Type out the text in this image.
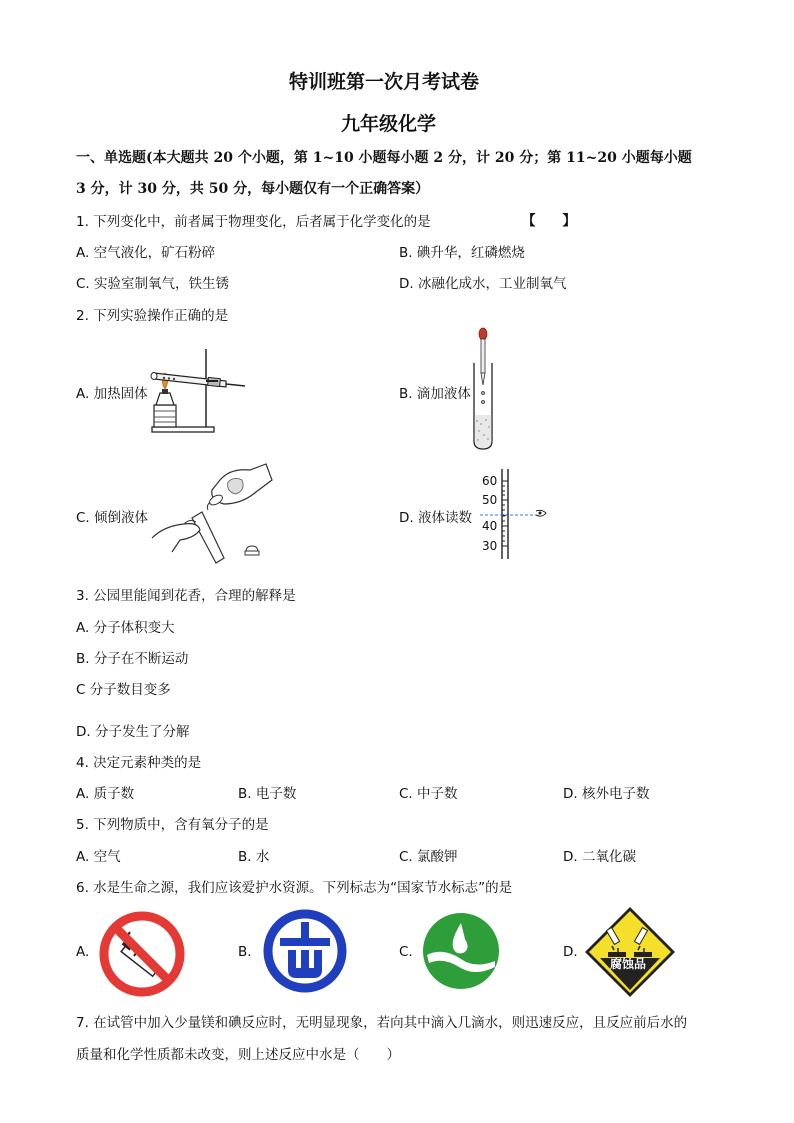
特训班第一次月考试卷
九年级化学
一、单选题(本大题共 20 个小题，第 1~10 小题每小题 2 分，计 20 分；第 11~20 小题每小题
3 分，计 30 分，共 50 分，每小题仅有一个正确答案）
1. 下列变化中，前者属于物理变化，后者属于化学变化的是	【　　】
A. 空气液化，矿石粉碎	B. 碘升华，红磷燃烧
C. 实验室制氧气，铁生锈	D. 冰融化成水，工业制氧气
2. 下列实验操作正确的是
A. 加热固体	B. 滴加液体
C. 倾倒液体	D. 液体读数
60
50
40
30
3. 公园里能闻到花香，合理的解释是
A. 分子体积变大
B. 分子在不断运动
C 分子数目变多
D. 分子发生了分解
4. 决定元素种类的是
A. 质子数	B. 电子数	C. 中子数	D. 核外电子数
5. 下列物质中，含有氧分子的是
A. 空气	B. 水	C. 氯酸钾	D. 二氧化碳
6. 水是生命之源，我们应该爱护水资源。下列标志为“国家节水标志”的是
A.	B.	C.	D.
腐蚀品
7. 在试管中加入少量镁和碘反应时，无明显现象，若向其中滴入几滴水，则迅速反应，且反应前后水的
质量和化学性质都未改变，则上述反应中水是（　　）
